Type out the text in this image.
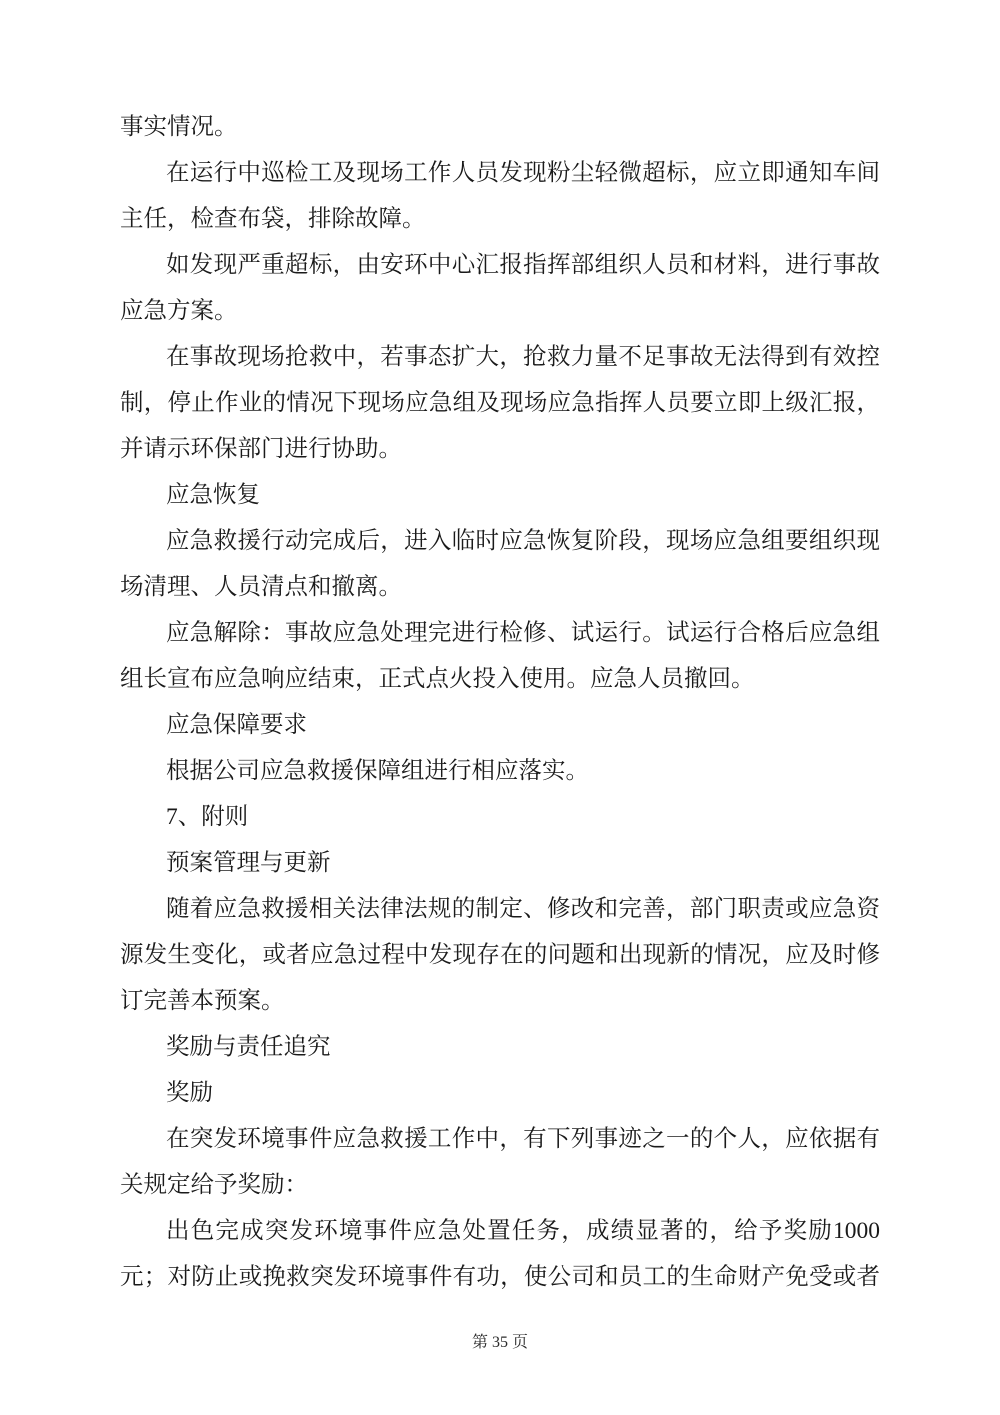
事实情况。
在运行中巡检工及现场工作人员发现粉尘轻微超标，应立即通知车间
主任，检查布袋，排除故障。
如发现严重超标，由安环中心汇报指挥部组织人员和材料，进行事故
应急方案。
在事故现场抢救中，若事态扩大，抢救力量不足事故无法得到有效控
制，停止作业的情况下现场应急组及现场应急指挥人员要立即上级汇报，
并请示环保部门进行协助。
应急恢复
应急救援行动完成后，进入临时应急恢复阶段，现场应急组要组织现
场清理、人员清点和撤离。
应急解除：事故应急处理完进行检修、试运行。试运行合格后应急组
组长宣布应急响应结束，正式点火投入使用。应急人员撤回。
应急保障要求
根据公司应急救援保障组进行相应落实。
7、附则
预案管理与更新
随着应急救援相关法律法规的制定、修改和完善，部门职责或应急资
源发生变化，或者应急过程中发现存在的问题和出现新的情况，应及时修
订完善本预案。
奖励与责任追究
奖励
在突发环境事件应急救援工作中，有下列事迹之一的个人，应依据有
关规定给予奖励：
出色完成突发环境事件应急处置任务，成绩显著的，给予奖励1000
元；对防止或挽救突发环境事件有功，使公司和员工的生命财产免受或者
第 35 页
